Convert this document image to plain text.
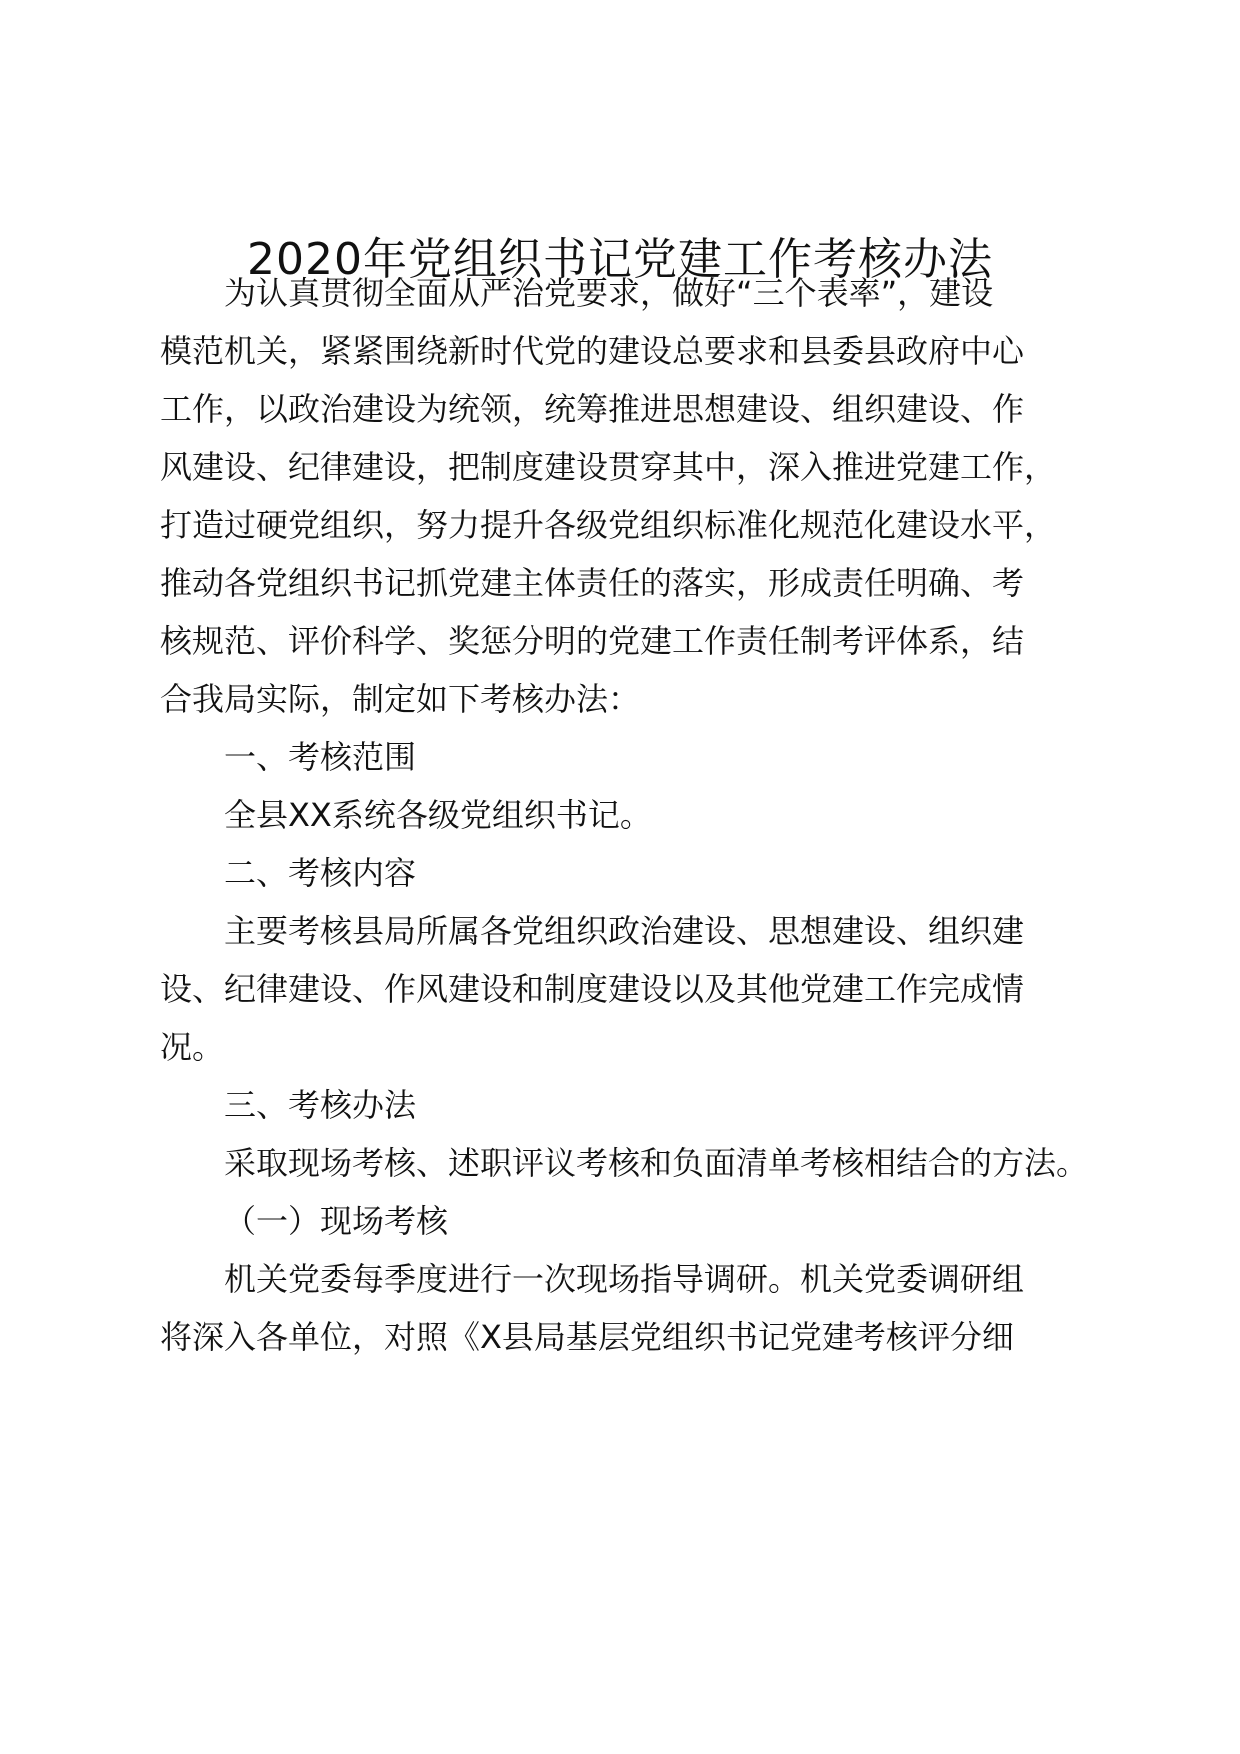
2020年党组织书记党建工作考核办法

为认真贯彻全面从严治党要求，做好“三个表率”，建设

模范机关，紧紧围绕新时代党的建设总要求和县委县政府中心

工作，以政治建设为统领，统筹推进思想建设、组织建设、作

风建设、纪律建设，把制度建设贯穿其中，深入推进党建工作，

打造过硬党组织，努力提升各级党组织标准化规范化建设水平，

推动各党组织书记抓党建主体责任的落实，形成责任明确、考

核规范、评价科学、奖惩分明的党建工作责任制考评体系，结

合我局实际，制定如下考核办法：

一、考核范围

全县XX系统各级党组织书记。

二、考核内容

主要考核县局所属各党组织政治建设、思想建设、组织建

设、纪律建设、作风建设和制度建设以及其他党建工作完成情

况。

三、考核办法

采取现场考核、述职评议考核和负面清单考核相结合的方法。

（一）现场考核

机关党委每季度进行一次现场指导调研。机关党委调研组

将深入各单位，对照《X县局基层党组织书记党建考核评分细
